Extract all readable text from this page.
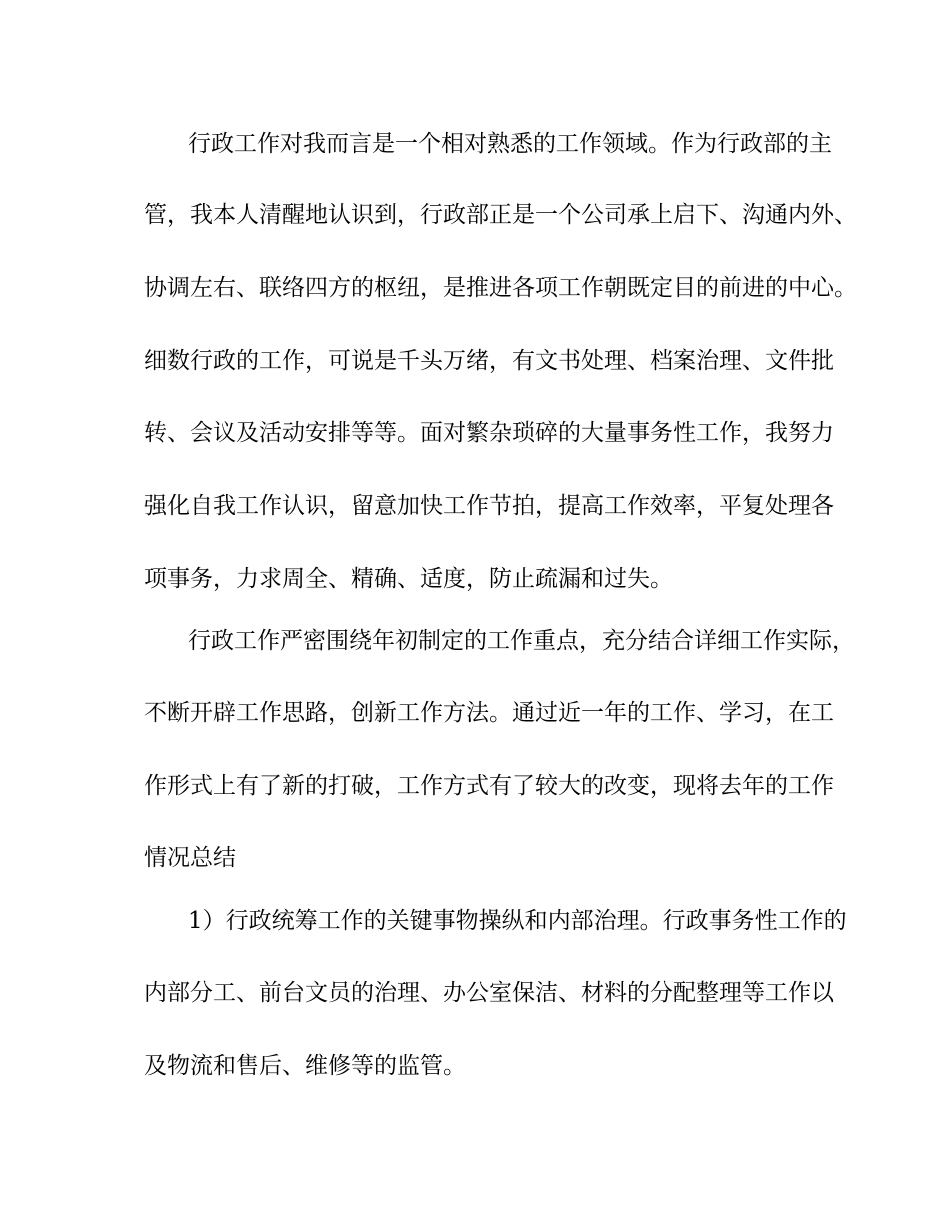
行政工作对我而言是一个相对熟悉的工作领域。作为行政部的主
管，我本人清醒地认识到，行政部正是一个公司承上启下、沟通内外、
协调左右、联络四方的枢纽，是推进各项工作朝既定目的前进的中心。
细数行政的工作，可说是千头万绪，有文书处理、档案治理、文件批
转、会议及活动安排等等。面对繁杂琐碎的大量事务性工作，我努力
强化自我工作认识，留意加快工作节拍，提高工作效率，平复处理各
项事务，力求周全、精确、适度，防止疏漏和过失。
行政工作严密围绕年初制定的工作重点，充分结合详细工作实际，
不断开辟工作思路，创新工作方法。通过近一年的工作、学习，在工
作形式上有了新的打破，工作方式有了较大的改变，现将去年的工作
情况总结
1）行政统筹工作的关键事物操纵和内部治理。行政事务性工作的
内部分工、前台文员的治理、办公室保洁、材料的分配整理等工作以
及物流和售后、维修等的监管。
